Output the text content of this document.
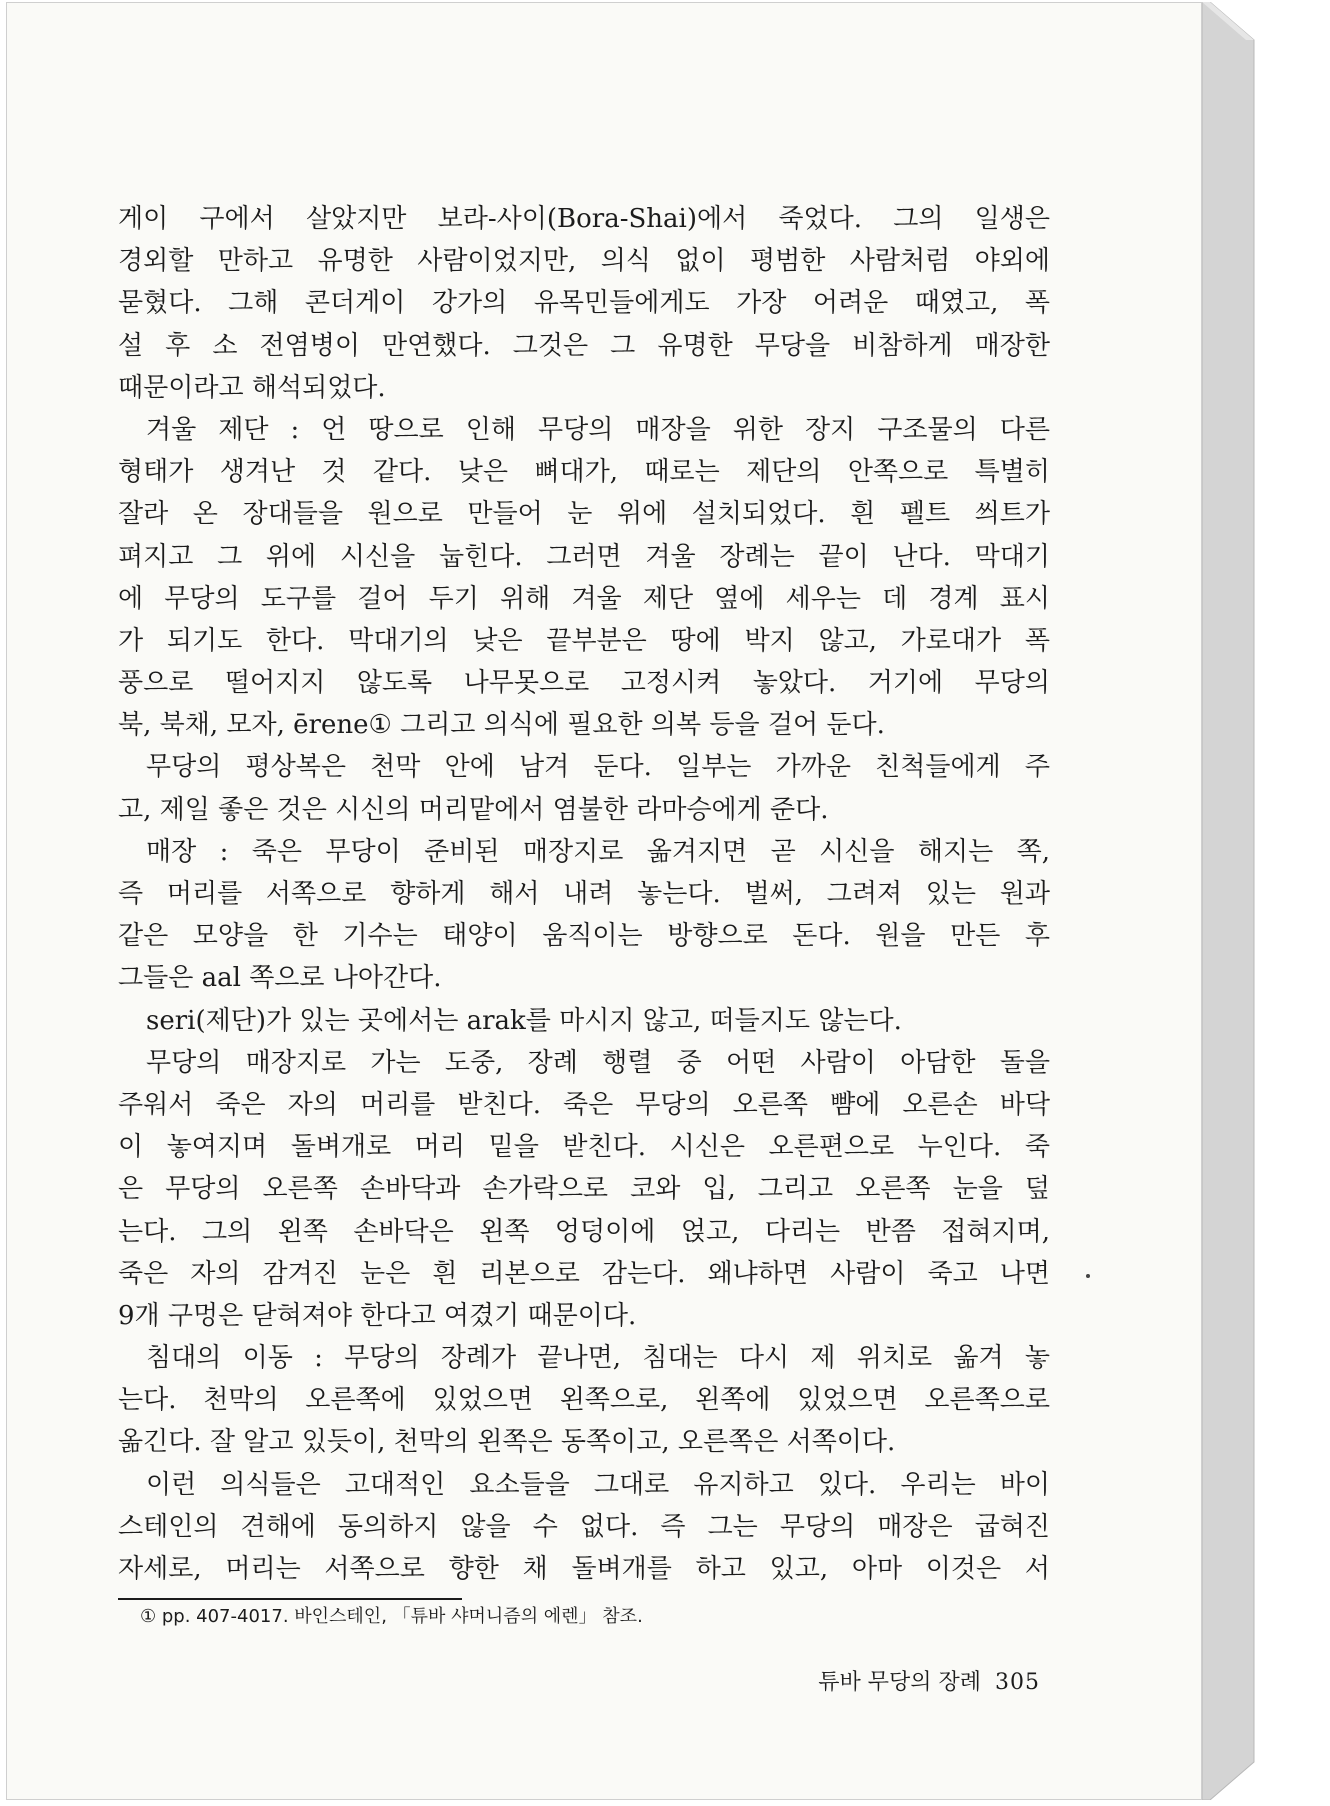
게이 구에서 살았지만 보라-사이(Bora-Shai)에서 죽었다. 그의 일생은
경외할 만하고 유명한 사람이었지만, 의식 없이 평범한 사람처럼 야외에
묻혔다. 그해 콘더게이 강가의 유목민들에게도 가장 어려운 때였고, 폭
설 후 소 전염병이 만연했다. 그것은 그 유명한 무당을 비참하게 매장한
때문이라고 해석되었다.
겨울 제단 : 언 땅으로 인해 무당의 매장을 위한 장지 구조물의 다른
형태가 생겨난 것 같다. 낮은 뼈대가, 때로는 제단의 안쪽으로 특별히
잘라 온 장대들을 원으로 만들어 눈 위에 설치되었다. 흰 펠트 씌트가
펴지고 그 위에 시신을 눕힌다. 그러면 겨울 장례는 끝이 난다. 막대기
에 무당의 도구를 걸어 두기 위해 겨울 제단 옆에 세우는 데 경계 표시
가 되기도 한다. 막대기의 낮은 끝부분은 땅에 박지 않고, 가로대가 폭
풍으로 떨어지지 않도록 나무못으로 고정시켜 놓았다. 거기에 무당의
북, 북채, 모자, ērene① 그리고 의식에 필요한 의복 등을 걸어 둔다.
무당의 평상복은 천막 안에 남겨 둔다. 일부는 가까운 친척들에게 주
고, 제일 좋은 것은 시신의 머리맡에서 염불한 라마승에게 준다.
매장 : 죽은 무당이 준비된 매장지로 옮겨지면 곧 시신을 해지는 쪽,
즉 머리를 서쪽으로 향하게 해서 내려 놓는다. 벌써, 그려져 있는 원과
같은 모양을 한 기수는 태양이 움직이는 방향으로 돈다. 원을 만든 후
그들은 aal 쪽으로 나아간다.
seri(제단)가 있는 곳에서는 arak를 마시지 않고, 떠들지도 않는다.
무당의 매장지로 가는 도중, 장례 행렬 중 어떤 사람이 아담한 돌을
주워서 죽은 자의 머리를 받친다. 죽은 무당의 오른쪽 뺨에 오른손 바닥
이 놓여지며 돌벼개로 머리 밑을 받친다. 시신은 오른편으로 누인다. 죽
은 무당의 오른쪽 손바닥과 손가락으로 코와 입, 그리고 오른쪽 눈을 덮
는다. 그의 왼쪽 손바닥은 왼쪽 엉덩이에 얹고, 다리는 반쯤 접혀지며,
죽은 자의 감겨진 눈은 흰 리본으로 감는다. 왜냐하면 사람이 죽고 나면
9개 구멍은 닫혀져야 한다고 여겼기 때문이다.
침대의 이동 : 무당의 장례가 끝나면, 침대는 다시 제 위치로 옮겨 놓
는다. 천막의 오른쪽에 있었으면 왼쪽으로, 왼쪽에 있었으면 오른쪽으로
옮긴다. 잘 알고 있듯이, 천막의 왼쪽은 동쪽이고, 오른쪽은 서쪽이다.
이런 의식들은 고대적인 요소들을 그대로 유지하고 있다. 우리는 바이
스테인의 견해에 동의하지 않을 수 없다. 즉 그는 무당의 매장은 굽혀진
자세로, 머리는 서쪽으로 향한 채 돌벼개를 하고 있고, 아마 이것은 서
① pp. 407-4017. 바인스테인, 「튜바 샤머니즘의 에렌」 참조.
튜바 무당의 장례 305
